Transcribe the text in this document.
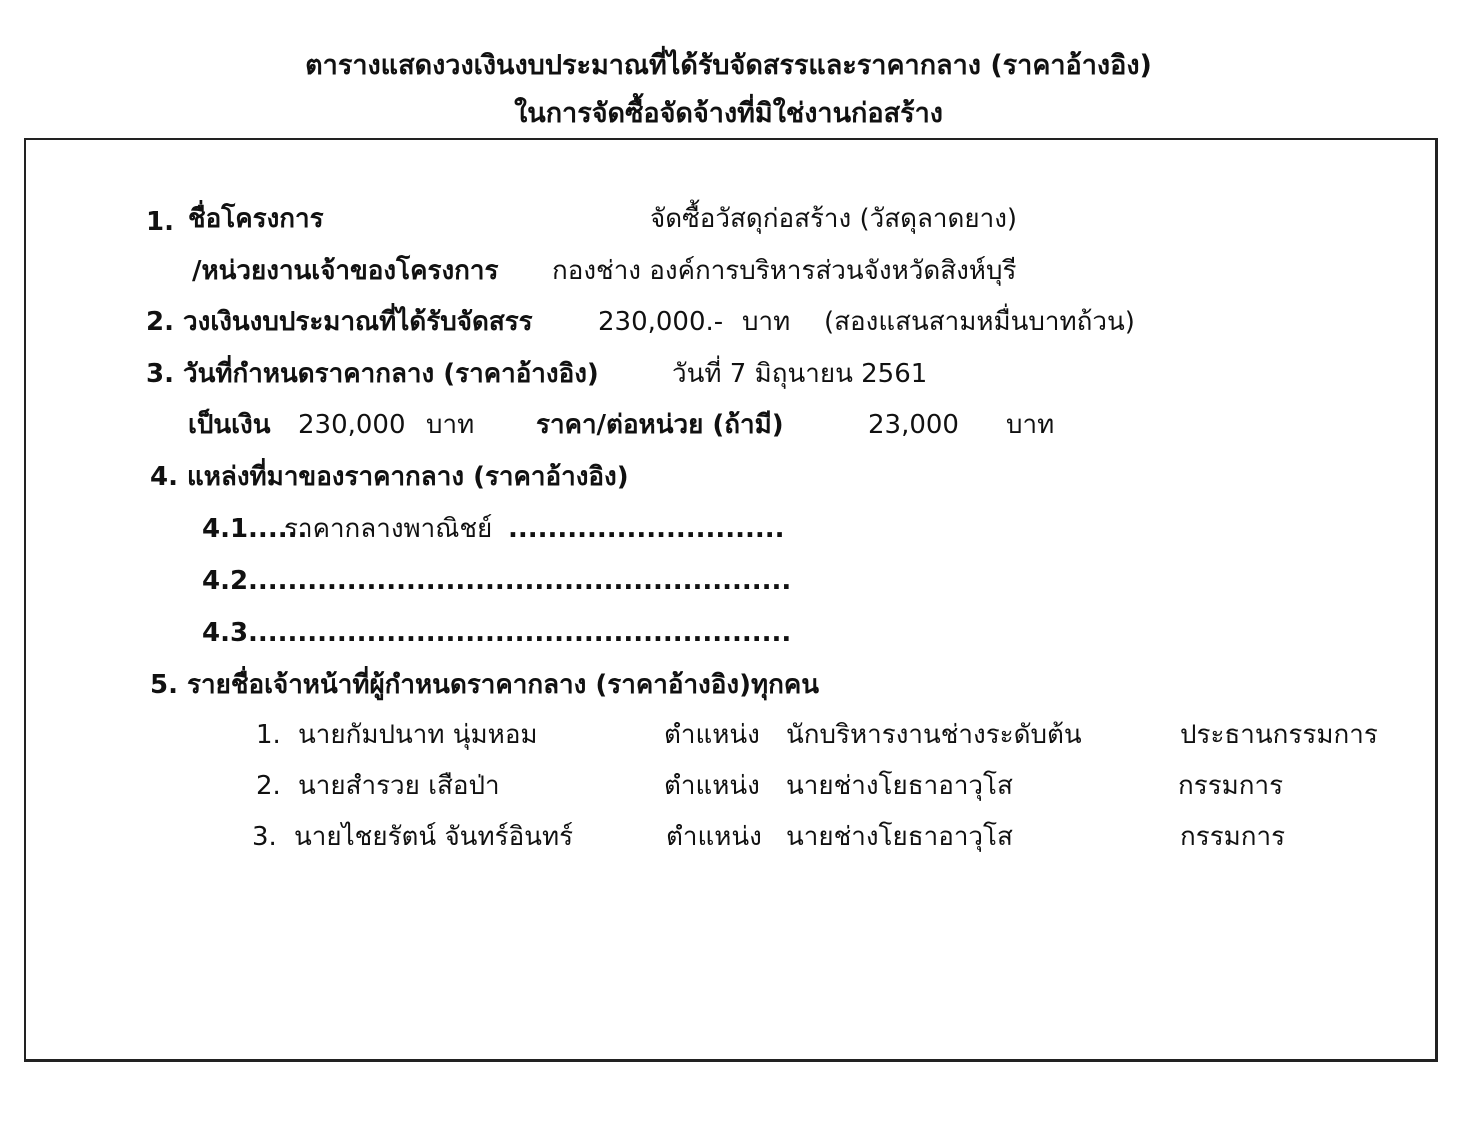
ตารางแสดงวงเงินงบประมาณที่ได้รับจัดสรรและราคากลาง (ราคาอ้างอิง)
ในการจัดซื้อจัดจ้างที่มิใช่งานก่อสร้าง
1. ชื่อโครงการ	จัดซื้อวัสดุก่อสร้าง (วัสดุลาดยาง)
/หน่วยงานเจ้าของโครงการ กองช่าง องค์การบริหารส่วนจังหวัดสิงห์บุรี
2. วงเงินงบประมาณที่ได้รับจัดสรร	230,000.- บาท (สองแสนสามหมื่นบาทถ้วน)
3. วันที่กำหนดราคากลาง (ราคาอ้างอิง)	วันที่ 7 มิถุนายน 2561
เป็นเงิน 230,000 บาท ราคา/ต่อหน่วย (ถ้ามี)	23,000 บาท
4. แหล่งที่มาของราคากลาง (ราคาอ้างอิง)
4.1......
ราคากลางพาณิชย์ ............................
4.2 .......................................................
4.3 .......................................................
5. รายชื่อเจ้าหน้าที่ผู้กำหนดราคากลาง (ราคาอ้างอิง)ทุกคน
1. นายกัมปนาท นุ่มหอม	ตำแหน่ง นักบริหารงานช่างระดับต้น	ประธานกรรมการ
2. นายสำรวย เสือป่า	ตำแหน่ง นายช่างโยธาอาวุโส	กรรมการ
3. นายไชยรัตน์ จันทร์อินทร์	ตำแหน่ง นายช่างโยธาอาวุโส	กรรมการ
